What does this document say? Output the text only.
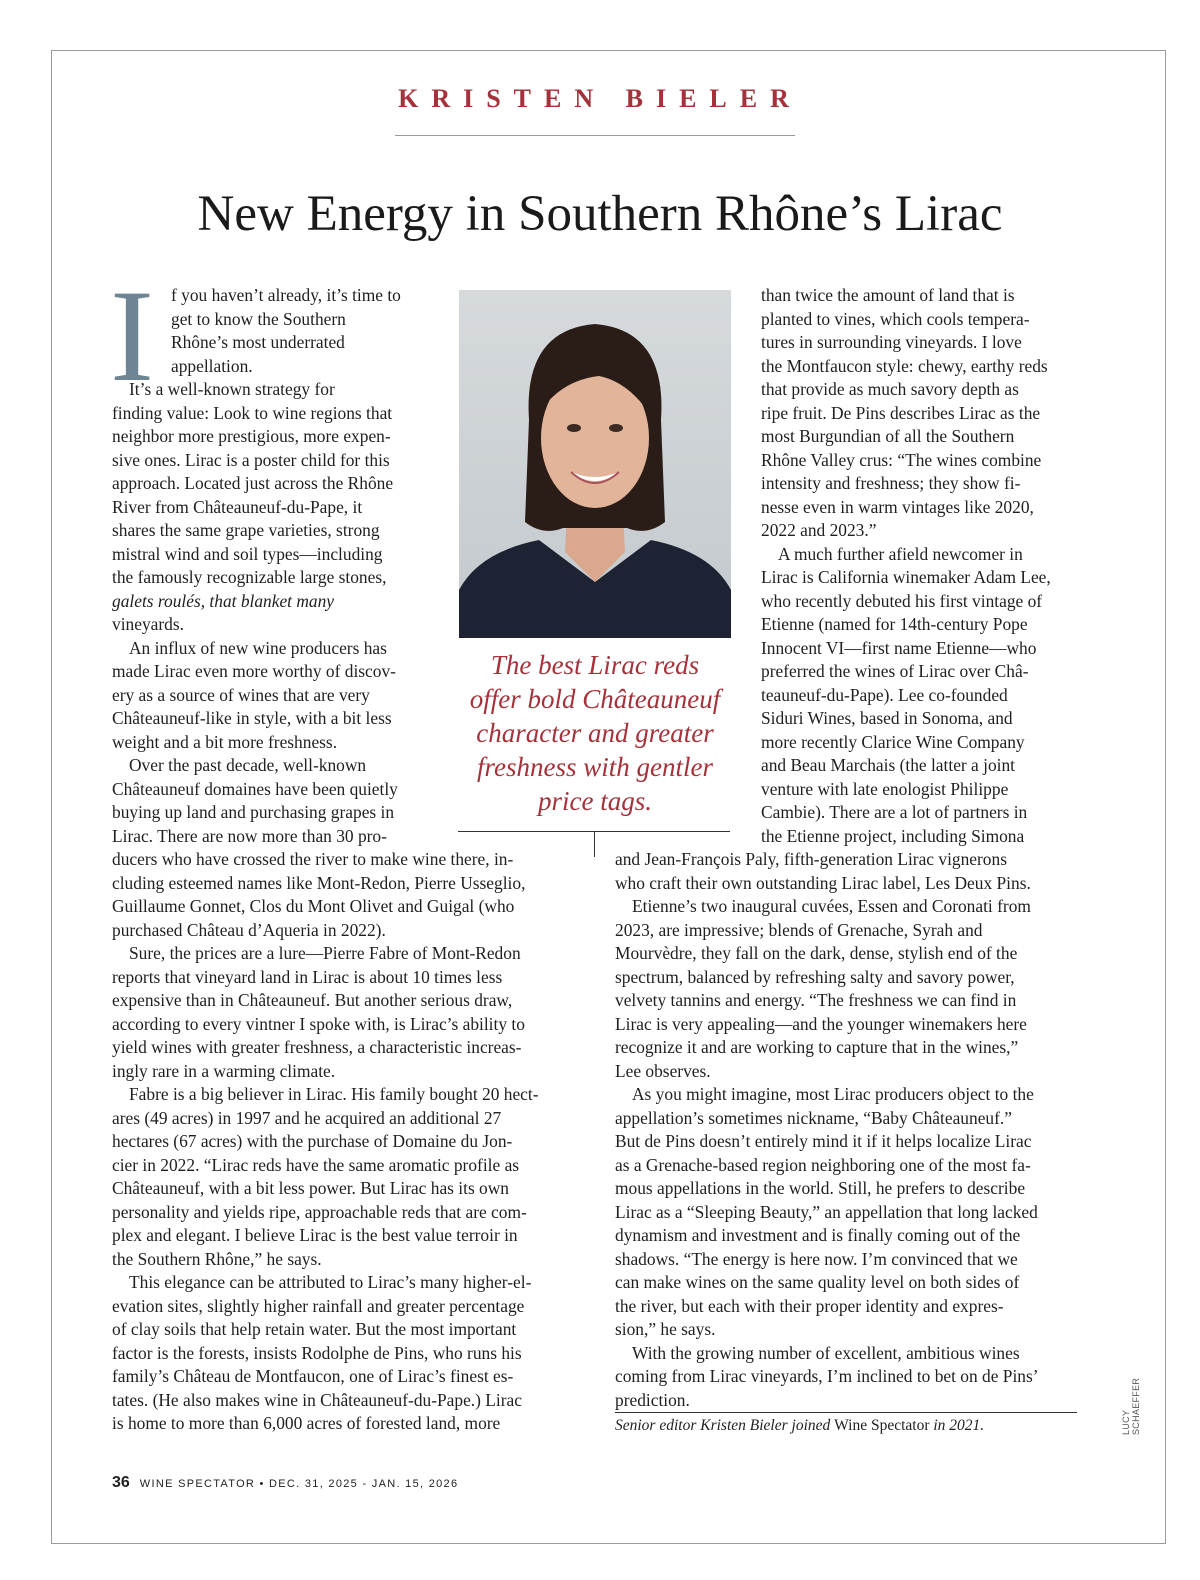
KRISTEN BIELER
New Energy in Southern Rhône’s Lirac
I f you haven’t already, it’s time to
get to know the Southern
Rhône’s most underrated
appellation.
It’s a well-known strategy for
finding value: Look to wine regions that
neighbor more prestigious, more expen-
sive ones. Lirac is a poster child for this
approach. Located just across the Rhône
River from Châteauneuf-du-Pape, it
shares the same grape varieties, strong
mistral wind and soil types—including
the famously recognizable large stones,
galets roulés, that blanket many
vineyards.
An influx of new wine producers has
made Lirac even more worthy of discov-
ery as a source of wines that are very
Châteauneuf-like in style, with a bit less
weight and a bit more freshness.
Over the past decade, well-known
Châteauneuf domaines have been quietly
buying up land and purchasing grapes in
Lirac. There are now more than 30 pro-
ducers who have crossed the river to make wine there, in-
cluding esteemed names like Mont-Redon, Pierre Usseglio,
Guillaume Gonnet, Clos du Mont Olivet and Guigal (who
purchased Château d’Aqueria in 2022).
Sure, the prices are a lure—Pierre Fabre of Mont-Redon
reports that vineyard land in Lirac is about 10 times less
expensive than in Châteauneuf. But another serious draw,
according to every vintner I spoke with, is Lirac’s ability to
yield wines with greater freshness, a characteristic increas-
ingly rare in a warming climate.
Fabre is a big believer in Lirac. His family bought 20 hect-
ares (49 acres) in 1997 and he acquired an additional 27
hectares (67 acres) with the purchase of Domaine du Jon-
cier in 2022. “Lirac reds have the same aromatic profile as
Châteauneuf, with a bit less power. But Lirac has its own
personality and yields ripe, approachable reds that are com-
plex and elegant. I believe Lirac is the best value terroir in
the Southern Rhône,” he says.
This elegance can be attributed to Lirac’s many higher-el-
evation sites, slightly higher rainfall and greater percentage
of clay soils that help retain water. But the most important
factor is the forests, insists Rodolphe de Pins, who runs his
family’s Château de Montfaucon, one of Lirac’s finest es-
tates. (He also makes wine in Châteauneuf-du-Pape.) Lirac
is home to more than 6,000 acres of forested land, more
The best Lirac reds
offer bold Châteauneuf
character and greater
freshness with gentler
price tags.
than twice the amount of land that is
planted to vines, which cools tempera-
tures in surrounding vineyards. I love
the Montfaucon style: chewy, earthy reds
that provide as much savory depth as
ripe fruit. De Pins describes Lirac as the
most Burgundian of all the Southern
Rhône Valley crus: “The wines combine
intensity and freshness; they show fi-
nesse even in warm vintages like 2020,
2022 and 2023.”
A much further afield newcomer in
Lirac is California winemaker Adam Lee,
who recently debuted his first vintage of
Etienne (named for 14th-century Pope
Innocent VI—first name Etienne—who
preferred the wines of Lirac over Châ-
teauneuf-du-Pape). Lee co-founded
Siduri Wines, based in Sonoma, and
more recently Clarice Wine Company
and Beau Marchais (the latter a joint
venture with late enologist Philippe
Cambie). There are a lot of partners in
the Etienne project, including Simona
and Jean-François Paly, fifth-generation Lirac vignerons
who craft their own outstanding Lirac label, Les Deux Pins.
Etienne’s two inaugural cuvées, Essen and Coronati from
2023, are impressive; blends of Grenache, Syrah and
Mourvèdre, they fall on the dark, dense, stylish end of the
spectrum, balanced by refreshing salty and savory power,
velvety tannins and energy. “The freshness we can find in
Lirac is very appealing—and the younger winemakers here
recognize it and are working to capture that in the wines,”
Lee observes.
As you might imagine, most Lirac producers object to the
appellation’s sometimes nickname, “Baby Châteauneuf.”
But de Pins doesn’t entirely mind it if it helps localize Lirac
as a Grenache-based region neighboring one of the most fa-
mous appellations in the world. Still, he prefers to describe
Lirac as a “Sleeping Beauty,” an appellation that long lacked
dynamism and investment and is finally coming out of the
shadows. “The energy is here now. I’m convinced that we
can make wines on the same quality level on both sides of
the river, but each with their proper identity and expres-
sion,” he says.
With the growing number of excellent, ambitious wines
coming from Lirac vineyards, I’m inclined to bet on de Pins’
prediction.
Senior editor Kristen Bieler joined Wine Spectator in 2021.	LUCY SCHAEFFER
36 WINE SPECTATOR • DEC. 31, 2025 - JAN. 15, 2026
